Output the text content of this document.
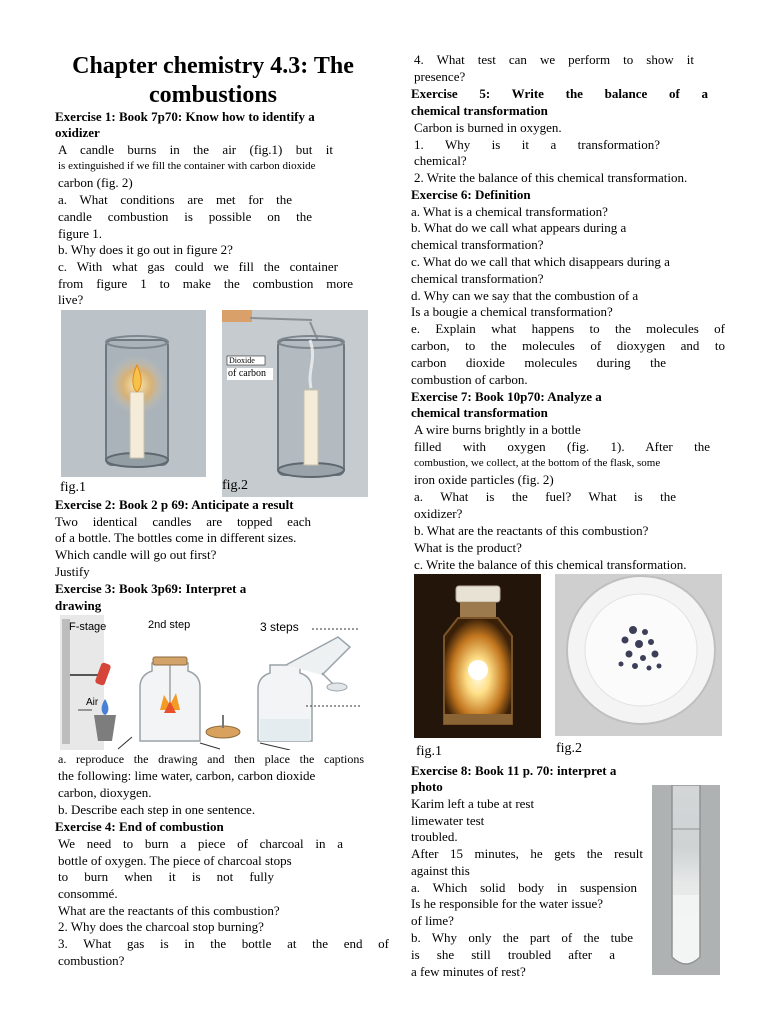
Chapter chemistry 4.3: The combustions
Exercise 1: Book 7p70: Know how to identify a
oxidizer
A candle burns in the air (fig.1) but it
is extinguished if we fill the container with carbon dioxide
carbon (fig. 2)
a. What conditions are met for the
candle combustion is possible on the
figure 1.
b. Why does it go out in figure 2?
c. With what gas could we fill the container
from figure 1 to make the combustion more
live?
Dioxide
of carbon
fig.1	fig.2
Exercise 2: Book 2 p 69: Anticipate a result
Two identical candles are topped each
of a bottle. The bottles come in different sizes.
Which candle will go out first?
Justify
Exercise 3: Book 3p69: Interpret a
drawing
F-stage	2nd step	3 steps
Air
a. reproduce the drawing and then place the captions
the following: lime water, carbon, carbon dioxide
carbon, dioxygen.
b. Describe each step in one sentence.
Exercise 4: End of combustion
We need to burn a piece of charcoal in a
bottle of oxygen. The piece of charcoal stops
to burn when it is not fully
consommé.
What are the reactants of this combustion?
2. Why does the charcoal stop burning?
3. What gas is in the bottle at the end of
combustion?
4. What test can we perform to show it
presence?
Exercise 5: Write the balance of a
chemical transformation
Carbon is burned in oxygen.
1. Why is it a transformation?
chemical?
2. Write the balance of this chemical transformation.
Exercise 6: Definition
a. What is a chemical transformation?
b. What do we call what appears during a
chemical transformation?
c. What do we call that which disappears during a
chemical transformation?
d. Why can we say that the combustion of a
Is a bougie a chemical transformation?
e. Explain what happens to the molecules of
carbon, to the molecules of dioxygen and to
carbon dioxide molecules during the
combustion of carbon.
Exercise 7: Book 10p70: Analyze a
chemical transformation
A wire burns brightly in a bottle
filled with oxygen (fig. 1). After the
combustion, we collect, at the bottom of the flask, some
iron oxide particles (fig. 2)
a. What is the fuel? What is the
oxidizer?
b. What are the reactants of this combustion?
What is the product?
c. Write the balance of this chemical transformation.
fig.1	fig.2
Exercise 8: Book 11 p. 70: interpret a
photo
Karim left a tube at rest
limewater test
troubled.
After 15 minutes, he gets the result
against this
a. Which solid body in suspension
Is he responsible for the water issue?
of lime?
b. Why only the part of the tube
is she still troubled after a
a few minutes of rest?
